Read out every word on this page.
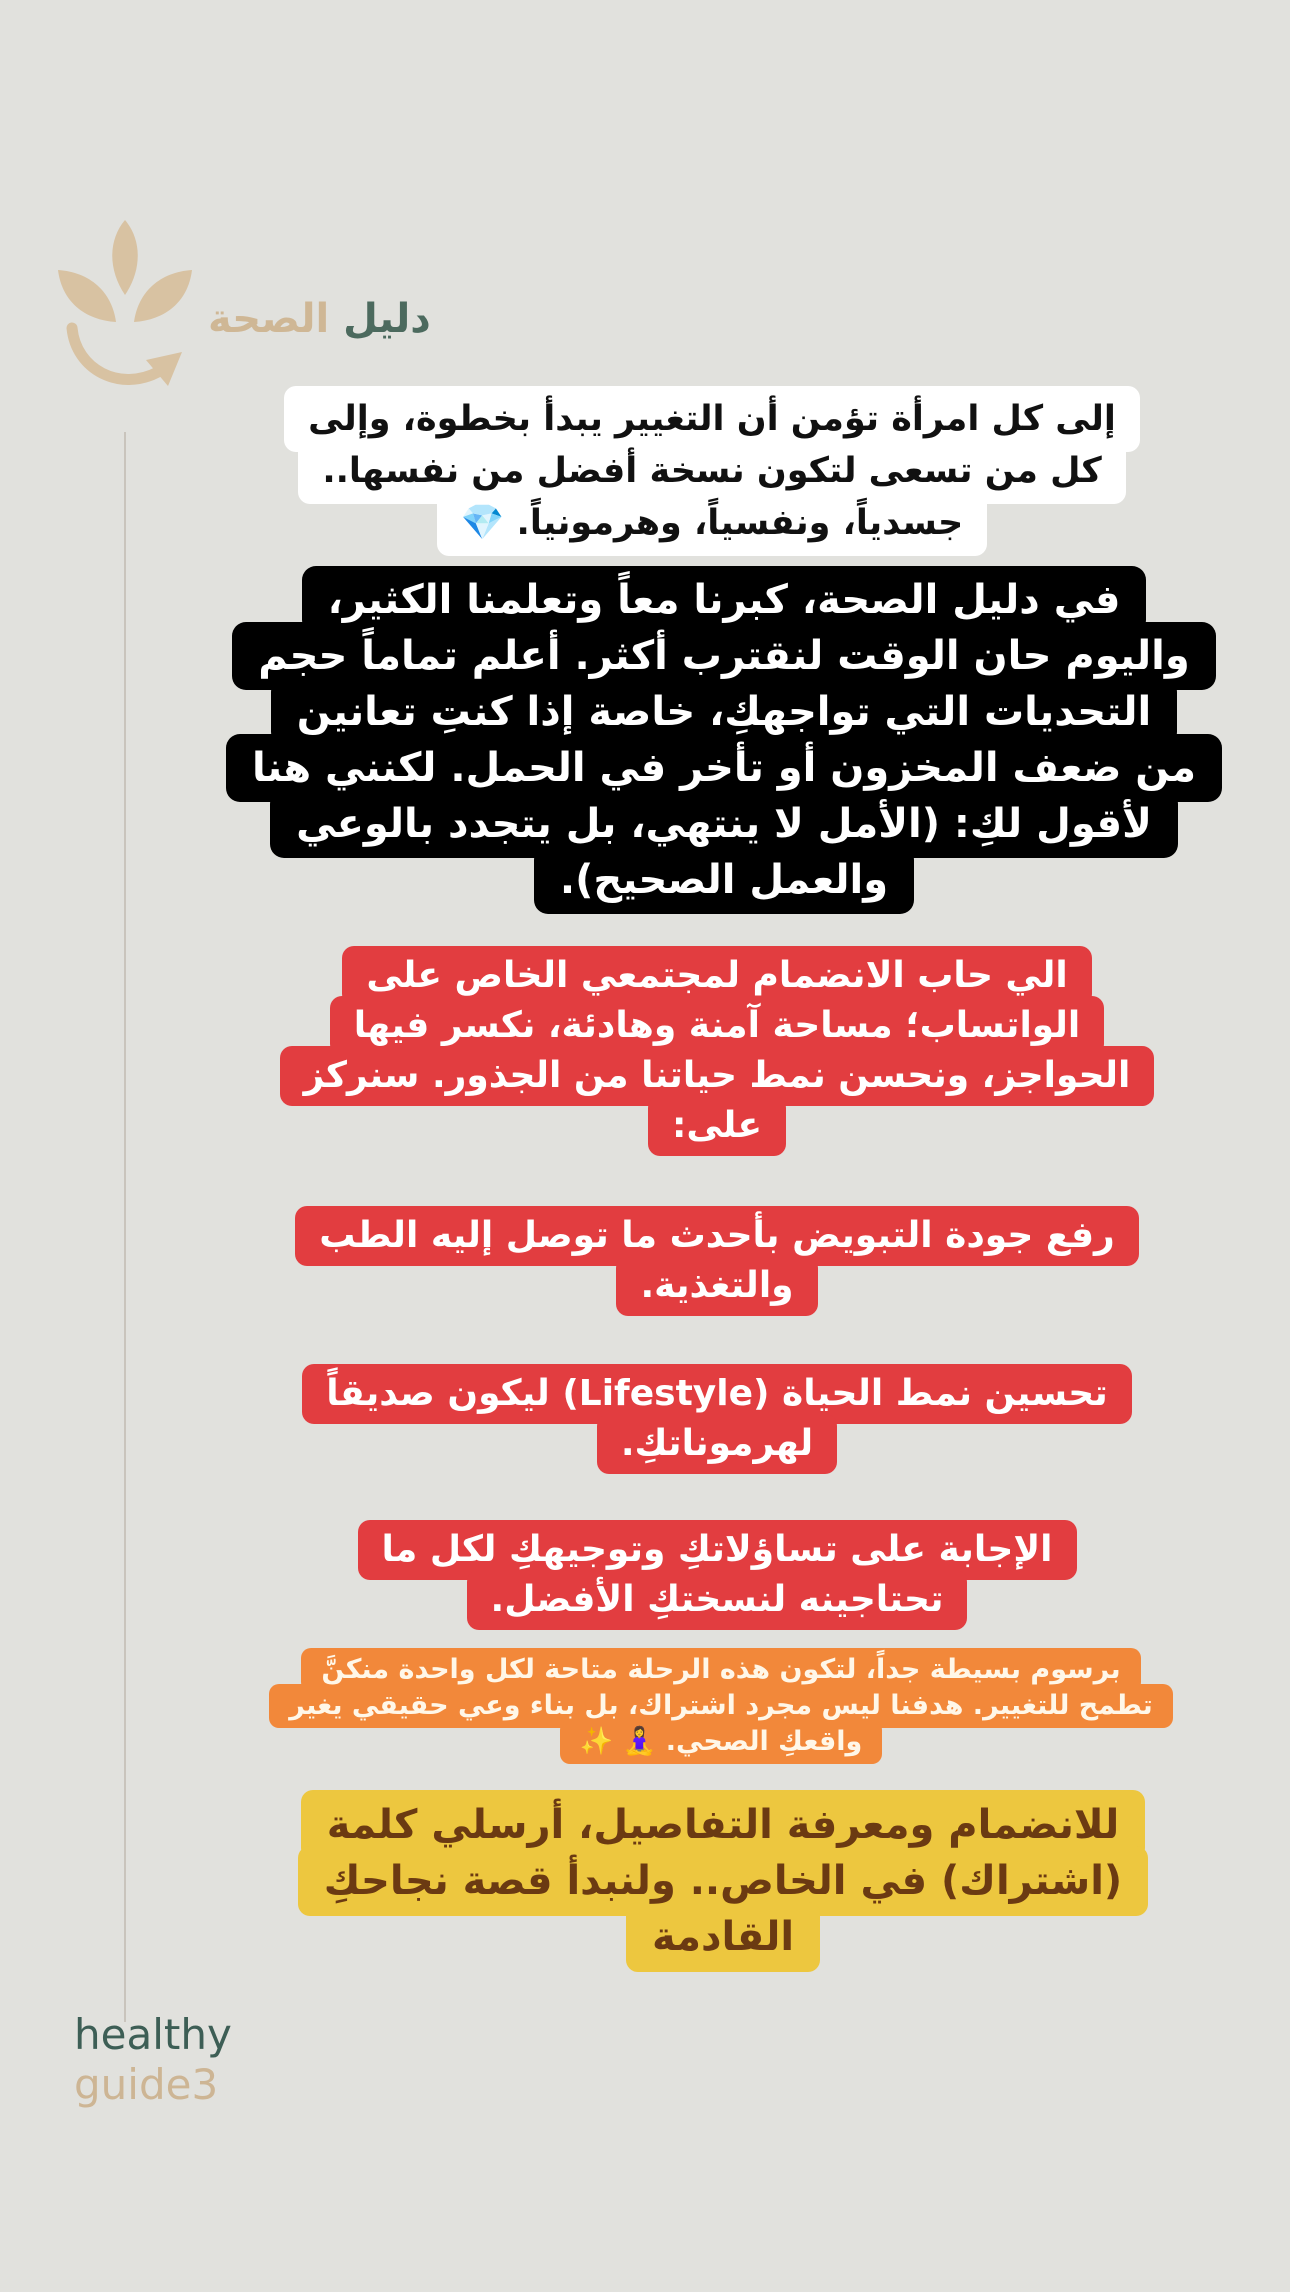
دليل الصحة
إلى كل امرأة تؤمن أن التغيير يبدأ بخطوة، وإلى
كل من تسعى لتكون نسخة أفضل من نفسها..
جسدياً، ونفسياً، وهرمونياً. 💎
في دليل الصحة، كبرنا معاً وتعلمنا الكثير،
واليوم حان الوقت لنقترب أكثر. أعلم تماماً حجم
التحديات التي تواجهكِ، خاصة إذا كنتِ تعانين
من ضعف المخزون أو تأخر في الحمل. لكنني هنا
لأقول لكِ: (الأمل لا ينتهي، بل يتجدد بالوعي
والعمل الصحيح).
الي حاب الانضمام لمجتمعي الخاص على
الواتساب؛ مساحة آمنة وهادئة، نكسر فيها
الحواجز، ونحسن نمط حياتنا من الجذور. سنركز
على:
رفع جودة التبويض بأحدث ما توصل إليه الطب
والتغذية.
تحسين نمط الحياة (Lifestyle) ليكون صديقاً
لهرموناتكِ.
الإجابة على تساؤلاتكِ وتوجيهكِ لكل ما
تحتاجينه لنسختكِ الأفضل.
برسوم بسيطة جداً، لتكون هذه الرحلة متاحة لكل واحدة منكنَّ
تطمح للتغيير. هدفنا ليس مجرد اشتراك، بل بناء وعي حقيقي يغير
واقعكِ الصحي. 🧘‍♀️ ✨
للانضمام ومعرفة التفاصيل، أرسلي كلمة
(اشتراك) في الخاص.. ولنبدأ قصة نجاحكِ
القادمة
healthy
guide3
